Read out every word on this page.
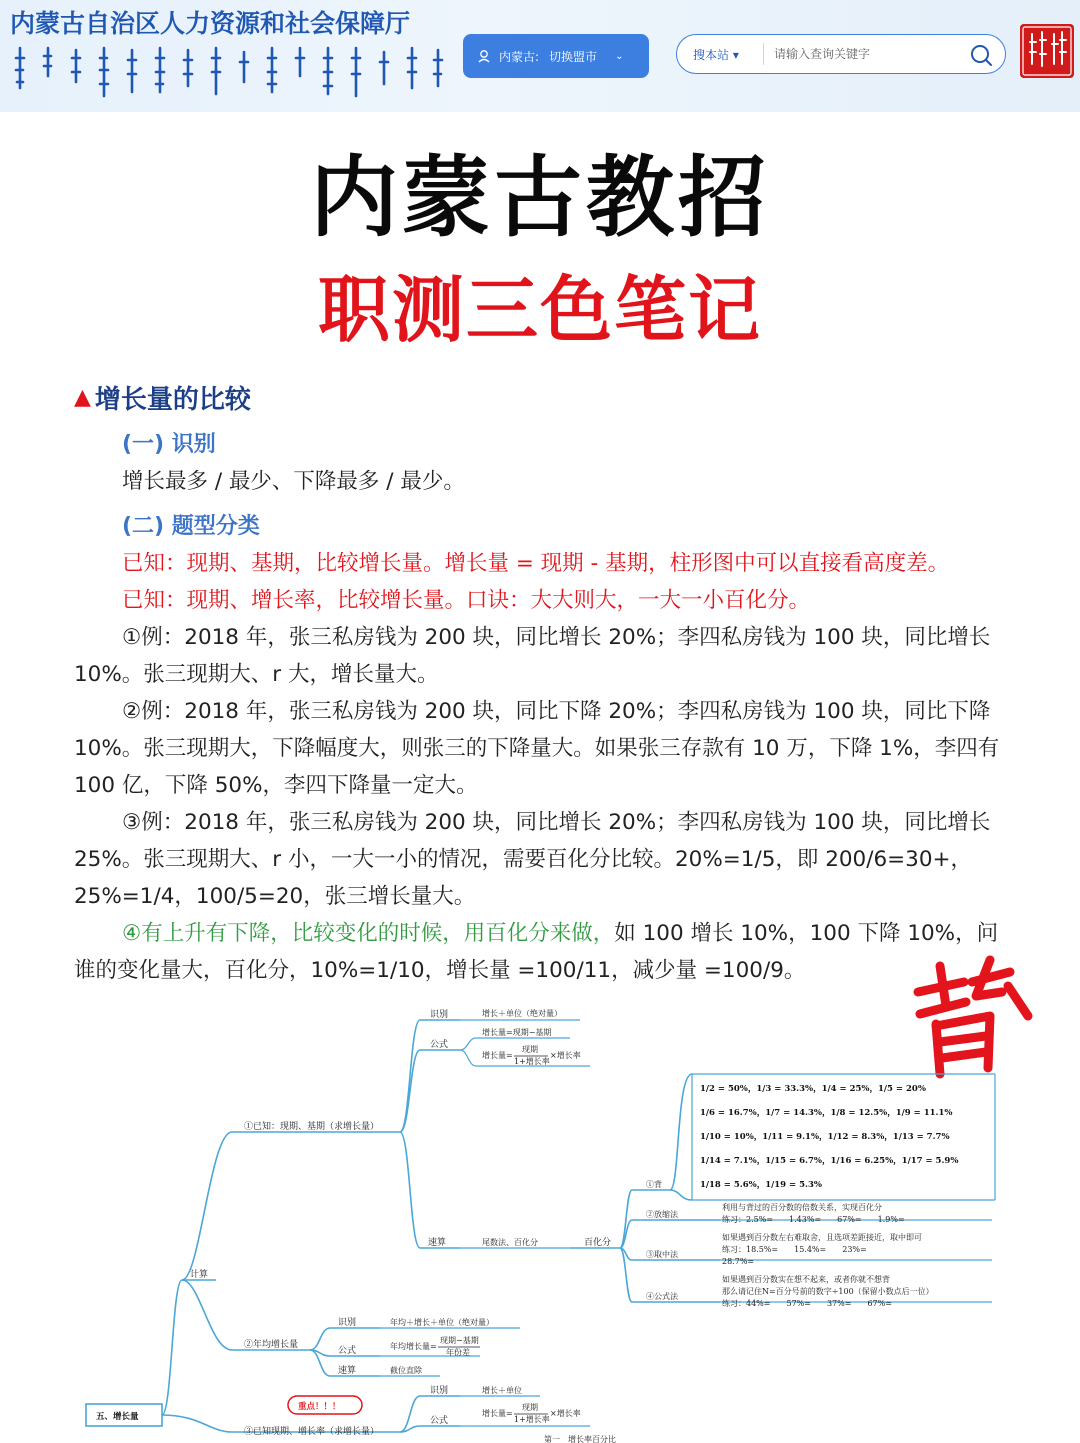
内蒙古自治区人力资源和社会保障厅
内蒙古: 切换盟市 ⌄	搜本站 ▾
请输入查询关键字
内蒙古教招
职测三色笔记
▲ 增长量的比较
(一) 识别
增长最多 / 最少、下降最多 / 最少。
(二) 题型分类
已知：现期、基期，比较增长量。增长量 = 现期 - 基期，柱形图中可以直接看高度差。
已知：现期、增长率，比较增长量。口诀：大大则大，一大一小百化分。
①例：2018 年，张三私房钱为 200 块，同比增长 20%；李四私房钱为 100 块，同比增长 10%。张三现期大、r 大，增长量大。
②例：2018 年，张三私房钱为 200 块，同比下降 20%；李四私房钱为 100 块，同比下降 10%。张三现期大，下降幅度大，则张三的下降量大。如果张三存款有 10 万，下降 1%，李四有 100 亿，下降 50%，李四下降量一定大。
③例：2018 年，张三私房钱为 200 块，同比增长 20%；李四私房钱为 100 块，同比增长 25%。张三现期大、r 小，一大一小的情况，需要百化分比较。20%=1/5，即 200/6=30+，25%=1/4，100/5=20，张三增长量大。
④有上升有下降，比较变化的时候，用百化分来做，如 100 增长 10%，100 下降 10%，问谁的变化量大，百化分，10%=1/10，增长量 =100/11，减少量 =100/9。
五、增长量
计算
①已知：现期、基期（求增长量）
②年均增长量
③已知现期、增长率（求增长量）
重点！！！
识别
公式
速算
增长＋单位（绝对量）
增长量=现期−基期
增长量=
现期
1+增长率
×增长率
尾数法、百化分	百化分
①背
②放缩法
③取中法
④公式法
1/2 = 50%，1/3 = 33.3%，1/4 = 25%，1/5 = 20%
1/6 = 16.7%，1/7 = 14.3%，1/8 = 12.5%，1/9 = 11.1%
1/10 = 10%，1/11 = 9.1%，1/12 = 8.3%，1/13 = 7.7%
1/14 = 7.1%，1/15 = 6.7%，1/16 = 6.25%，1/17 = 5.9%
1/18 = 5.6%，1/19 = 5.3%
利用与背过的百分数的倍数关系，实现百化分
练习：2.5%=　　1.43%=　　67%=　　1.9%=
如果遇到百分数左右难取舍，且选项差距接近，取中即可
练习：18.5%=　　15.4%=　　23%=
28.7%=
如果遇到百分数实在想不起来，或者你就不想背
那么请记住N=百分号前的数字÷100（保留小数点后一位）
练习：44%=　　57%=　　37%=　　67%=
识别
公式
速算
年均＋增长＋单位（绝对量）
年均增长量=
现期−基期
年份差
截位直除
识别
公式
增长＋单位
增长量=
现期
1+增长率
×增长率
第一　增长率百分比
